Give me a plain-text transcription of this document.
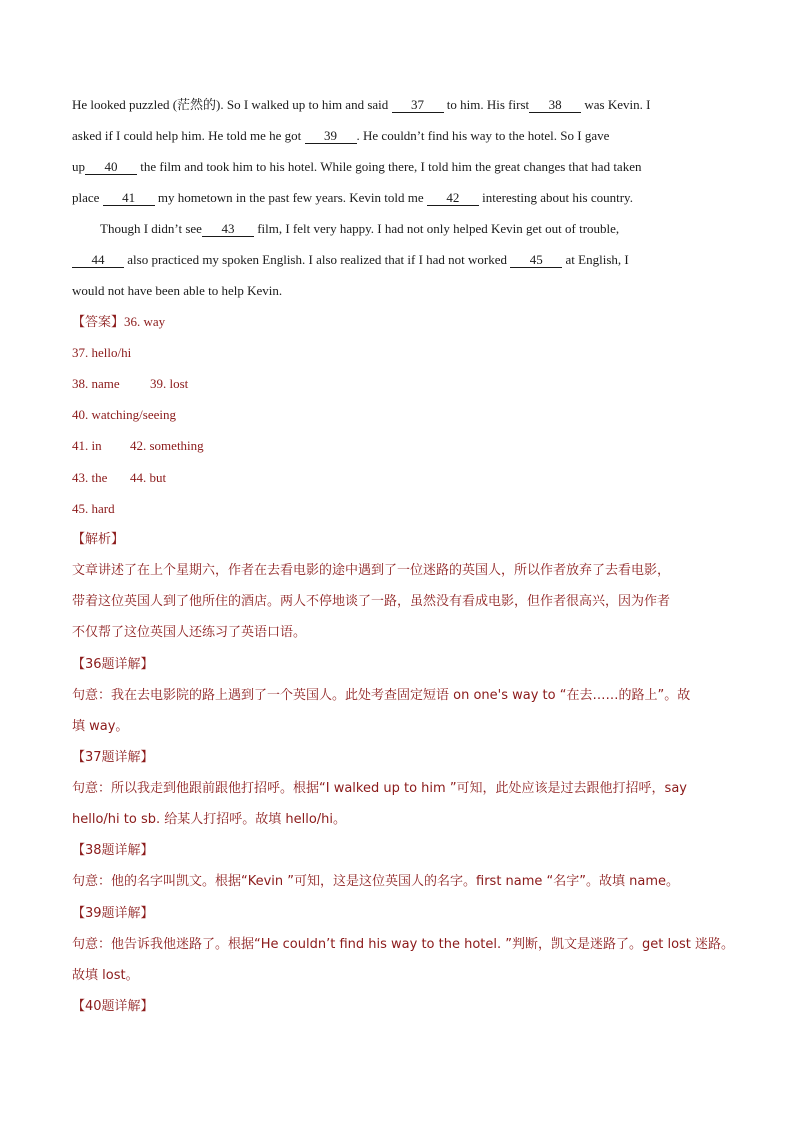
He looked puzzled (茫然的). So I walked up to him and said 37 to him. His first 38 was Kevin. I
asked if I could help him. He told me he got 39 . He couldn’t find his way to the hotel. So I gave
up 40 the film and took him to his hotel. While going there, I told him the great changes that had taken
place 41 my hometown in the past few years. Kevin told me 42 interesting about his country.
Though I didn’t see 43 film, I felt very happy. I had not only helped Kevin get out of trouble,
44 also practiced my spoken English. I also realized that if I had not worked 45 at English, I
would not have been able to help Kevin.
【答案】36. way
37. hello/hi
38. name 39. lost
40. watching/seeing
41. in 42. something
43. the 44. but
45. hard
【解析】
文章讲述了在上个星期六，作者在去看电影的途中遇到了一位迷路的英国人，所以作者放弃了去看电影，
带着这位英国人到了他所住的酒店。两人不停地谈了一路，虽然没有看成电影，但作者很高兴，因为作者
不仅帮了这位英国人还练习了英语口语。
【36题详解】
句意：我在去电影院的路上遇到了一个英国人。此处考查固定短语 on one's way to “在去……的路上”。故
填 way。
【37题详解】
句意：所以我走到他跟前跟他打招呼。根据“I walked up to him ”可知，此处应该是过去跟他打招呼，say
hello/hi to sb. 给某人打招呼。故填 hello/hi。
【38题详解】
句意：他的名字叫凯文。根据“Kevin ”可知，这是这位英国人的名字。first name “名字”。故填 name。
【39题详解】
句意：他告诉我他迷路了。根据“He couldn’t find his way to the hotel. ”判断，凯文是迷路了。get lost 迷路。
故填 lost。
【40题详解】
